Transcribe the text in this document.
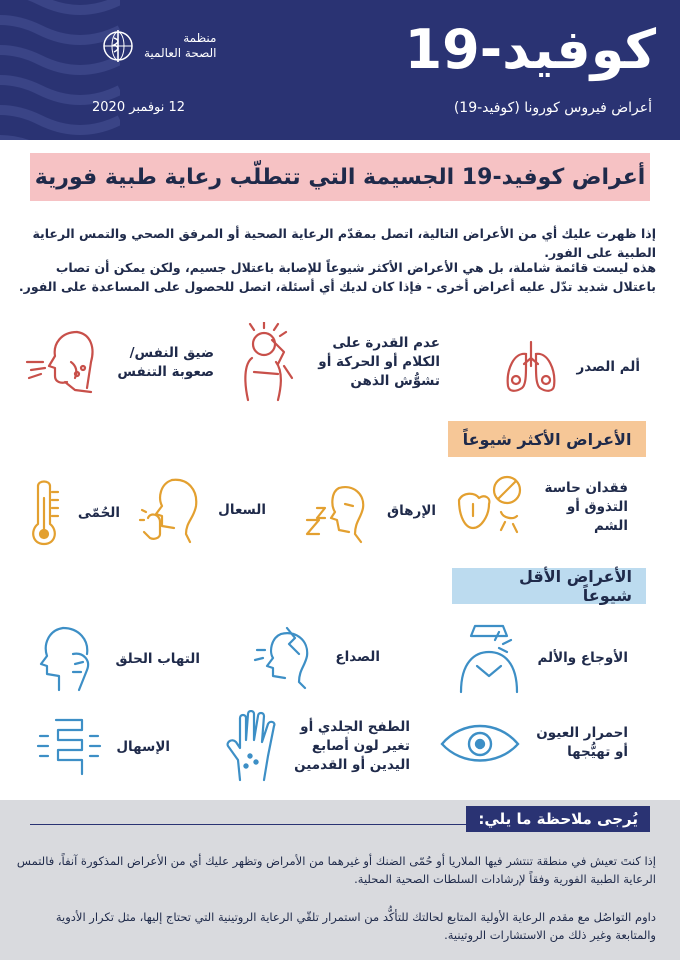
منظمة
الصحة العالمية	كوفيد-19
أعراض فيروس كورونا (كوفيد-19)
12 نوفمبر 2020
أعراض كوفيد-19 الجسيمة التي تتطلّب رعاية طبية فورية
إذا ظهرت عليك أي من الأعراض التالية، اتصل بمقدّم الرعاية الصحية أو المرفق الصحي والتمس الرعاية الطبية على الفور.
هذه ليست قائمة شاملة، بل هي الأعراض الأكثر شيوعاً للإصابة باعتلال جسيم، ولكن يمكن أن تصاب باعتلال شديد تدّل عليه أعراض أخرى - فإذا كان لديك أي أسئلة، اتصل للحصول على المساعدة على الفور.
ألم الصدر
عدم القدرة على
الكلام أو الحركة أو
تشوُّش الذهن
ضيق النفس/
صعوبة التنفس
الأعراض الأكثر شيوعاً
فقدان حاسة
التذوق أو
الشم
الإرهاق
السعال
الحُمّى
الأعراض الأقل شيوعاً
الأوجاع والألم
الصداع
التهاب الحلق
احمرار العيون
أو تهيُّجها
الطفح الجلدي أو
تغير لون أصابع
اليدين أو القدمين
الإسهال
يُرجى ملاحظة ما يلي:
إذا كنتَ تعيش في منطقة تنتشر فيها الملاريا أو حُمّى الضنك أو غيرهما من الأمراض وتظهر عليك أي من الأعراض المذكورة آنفاً، فالتمس الرعاية الطبية الفورية وفقاً لإرشادات السلطات الصحية المحلية.
داوم التواصُل مع مقدم الرعاية الأولية المتابع لحالتك للتأكُّد من استمرار تلقّي الرعاية الروتينية التي تحتاج إليها، مثل تكرار الأدوية والمتابعة وغير ذلك من الاستشارات الروتينية.
